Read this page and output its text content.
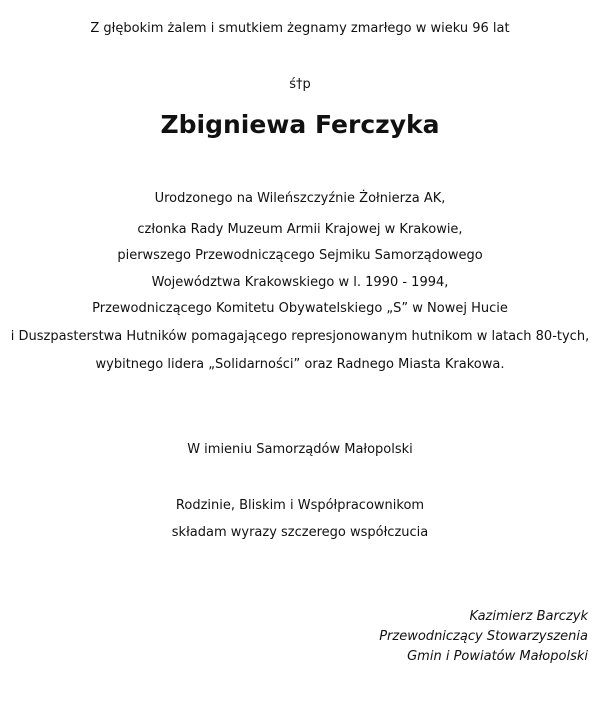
Z głębokim żalem i smutkiem żegnamy zmarłego w wieku 96 lat
ś†p
Zbigniewa Ferczyka
Urodzonego na Wileńszczyźnie Żołnierza AK,
członka Rady Muzeum Armii Krajowej w Krakowie,
pierwszego Przewodniczącego Sejmiku Samorządowego
Województwa Krakowskiego w l. 1990 - 1994,
Przewodniczącego Komitetu Obywatelskiego „S” w Nowej Hucie
i Duszpasterstwa Hutników pomagającego represjonowanym hutnikom w latach 80-tych,
wybitnego lidera „Solidarności” oraz Radnego Miasta Krakowa.
W imieniu Samorządów Małopolski
Rodzinie, Bliskim i Współpracownikom
składam wyrazy szczerego współczucia
Kazimierz Barczyk
Przewodniczący Stowarzyszenia
Gmin i Powiatów Małopolski
